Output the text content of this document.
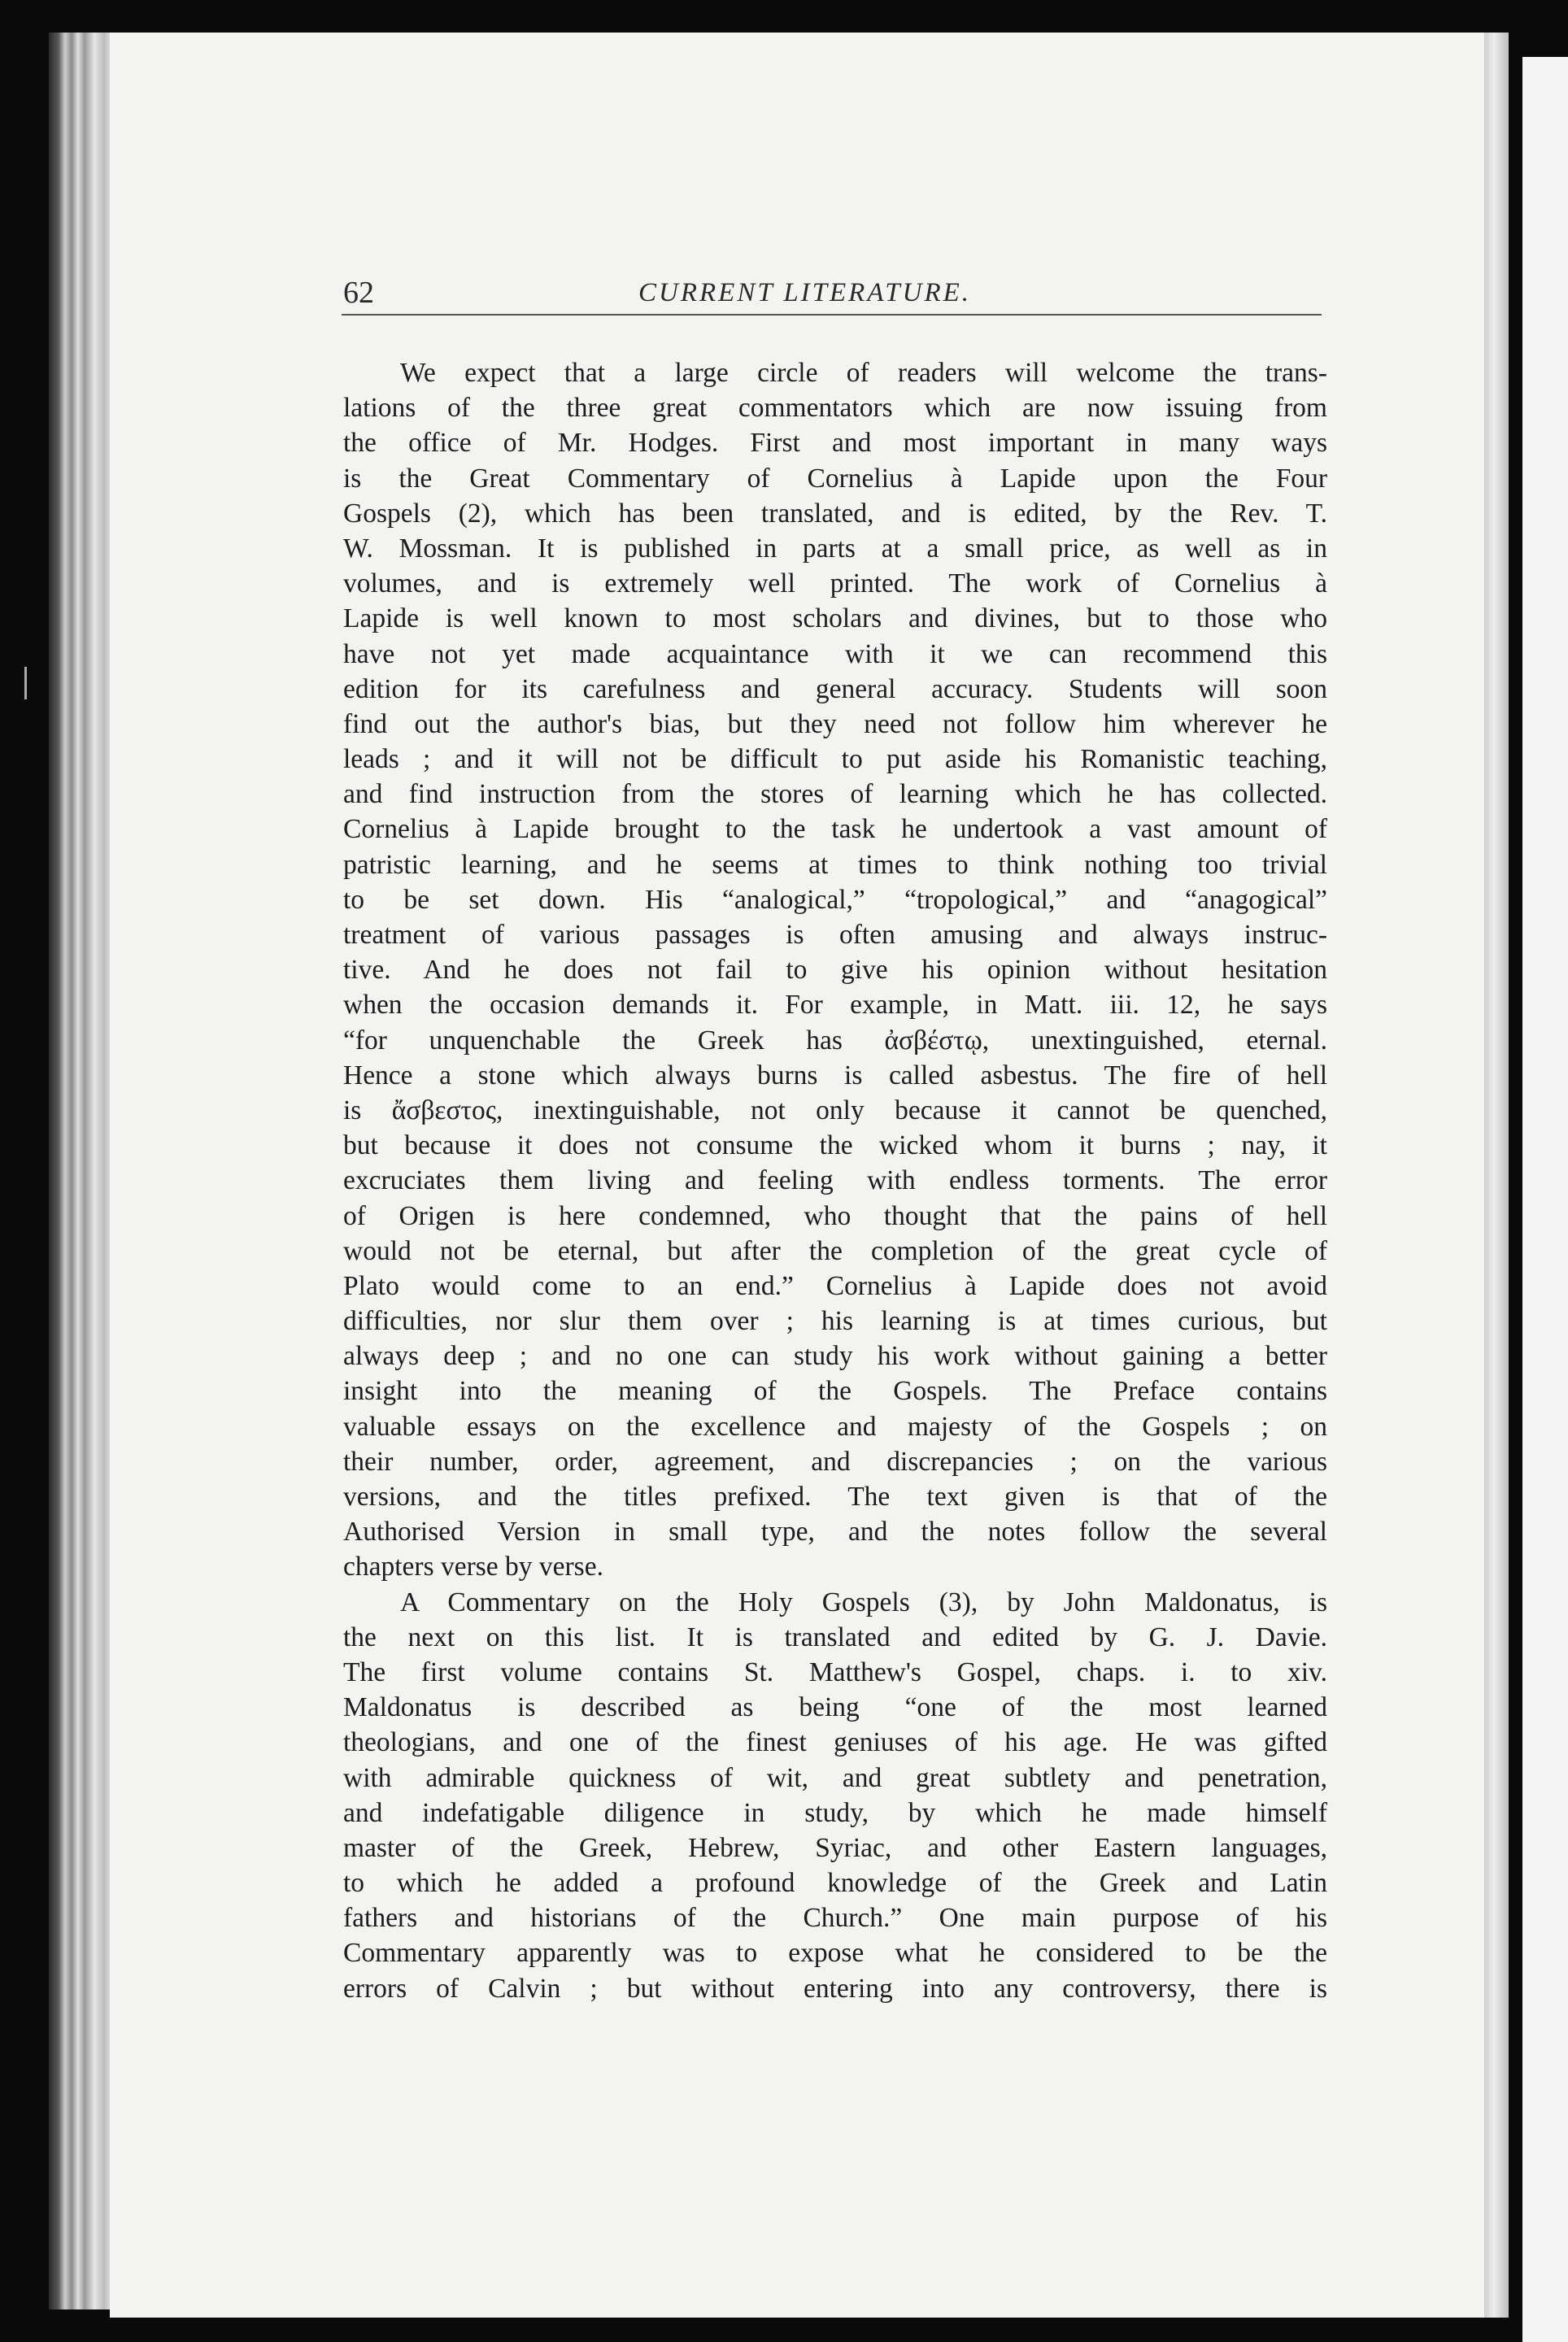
62	CURRENT LITERATURE.
We expect that a large circle of readers will welcome the trans-
lations of the three great commentators which are now issuing from
the office of Mr. Hodges. First and most important in many ways
is the Great Commentary of Cornelius à Lapide upon the Four
Gospels (2), which has been translated, and is edited, by the Rev. T.
W. Mossman. It is published in parts at a small price, as well as in
volumes, and is extremely well printed. The work of Cornelius à
Lapide is well known to most scholars and divines, but to those who
have not yet made acquaintance with it we can recommend this
edition for its carefulness and general accuracy. Students will soon
find out the author's bias, but they need not follow him wherever he
leads ; and it will not be difficult to put aside his Romanistic teaching,
and find instruction from the stores of learning which he has collected.
Cornelius à Lapide brought to the task he undertook a vast amount of
patristic learning, and he seems at times to think nothing too trivial
to be set down. His “analogical,” “tropological,” and “anagogical”
treatment of various passages is often amusing and always instruc-
tive. And he does not fail to give his opinion without hesitation
when the occasion demands it. For example, in Matt. iii. 12, he says
“for unquenchable the Greek has ἀσβέστῳ, unextinguished, eternal.
Hence a stone which always burns is called asbestus. The fire of hell
is ἄσβεστος, inextinguishable, not only because it cannot be quenched,
but because it does not consume the wicked whom it burns ; nay, it
excruciates them living and feeling with endless torments. The error
of Origen is here condemned, who thought that the pains of hell
would not be eternal, but after the completion of the great cycle of
Plato would come to an end.” Cornelius à Lapide does not avoid
difficulties, nor slur them over ; his learning is at times curious, but
always deep ; and no one can study his work without gaining a better
insight into the meaning of the Gospels. The Preface contains
valuable essays on the excellence and majesty of the Gospels ; on
their number, order, agreement, and discrepancies ; on the various
versions, and the titles prefixed. The text given is that of the
Authorised Version in small type, and the notes follow the several
chapters verse by verse.
A Commentary on the Holy Gospels (3), by John Maldonatus, is
the next on this list. It is translated and edited by G. J. Davie.
The first volume contains St. Matthew's Gospel, chaps. i. to xiv.
Maldonatus is described as being “one of the most learned
theologians, and one of the finest geniuses of his age. He was gifted
with admirable quickness of wit, and great subtlety and penetration,
and indefatigable diligence in study, by which he made himself
master of the Greek, Hebrew, Syriac, and other Eastern languages,
to which he added a profound knowledge of the Greek and Latin
fathers and historians of the Church.” One main purpose of his
Commentary apparently was to expose what he considered to be the
errors of Calvin ; but without entering into any controversy, there is
